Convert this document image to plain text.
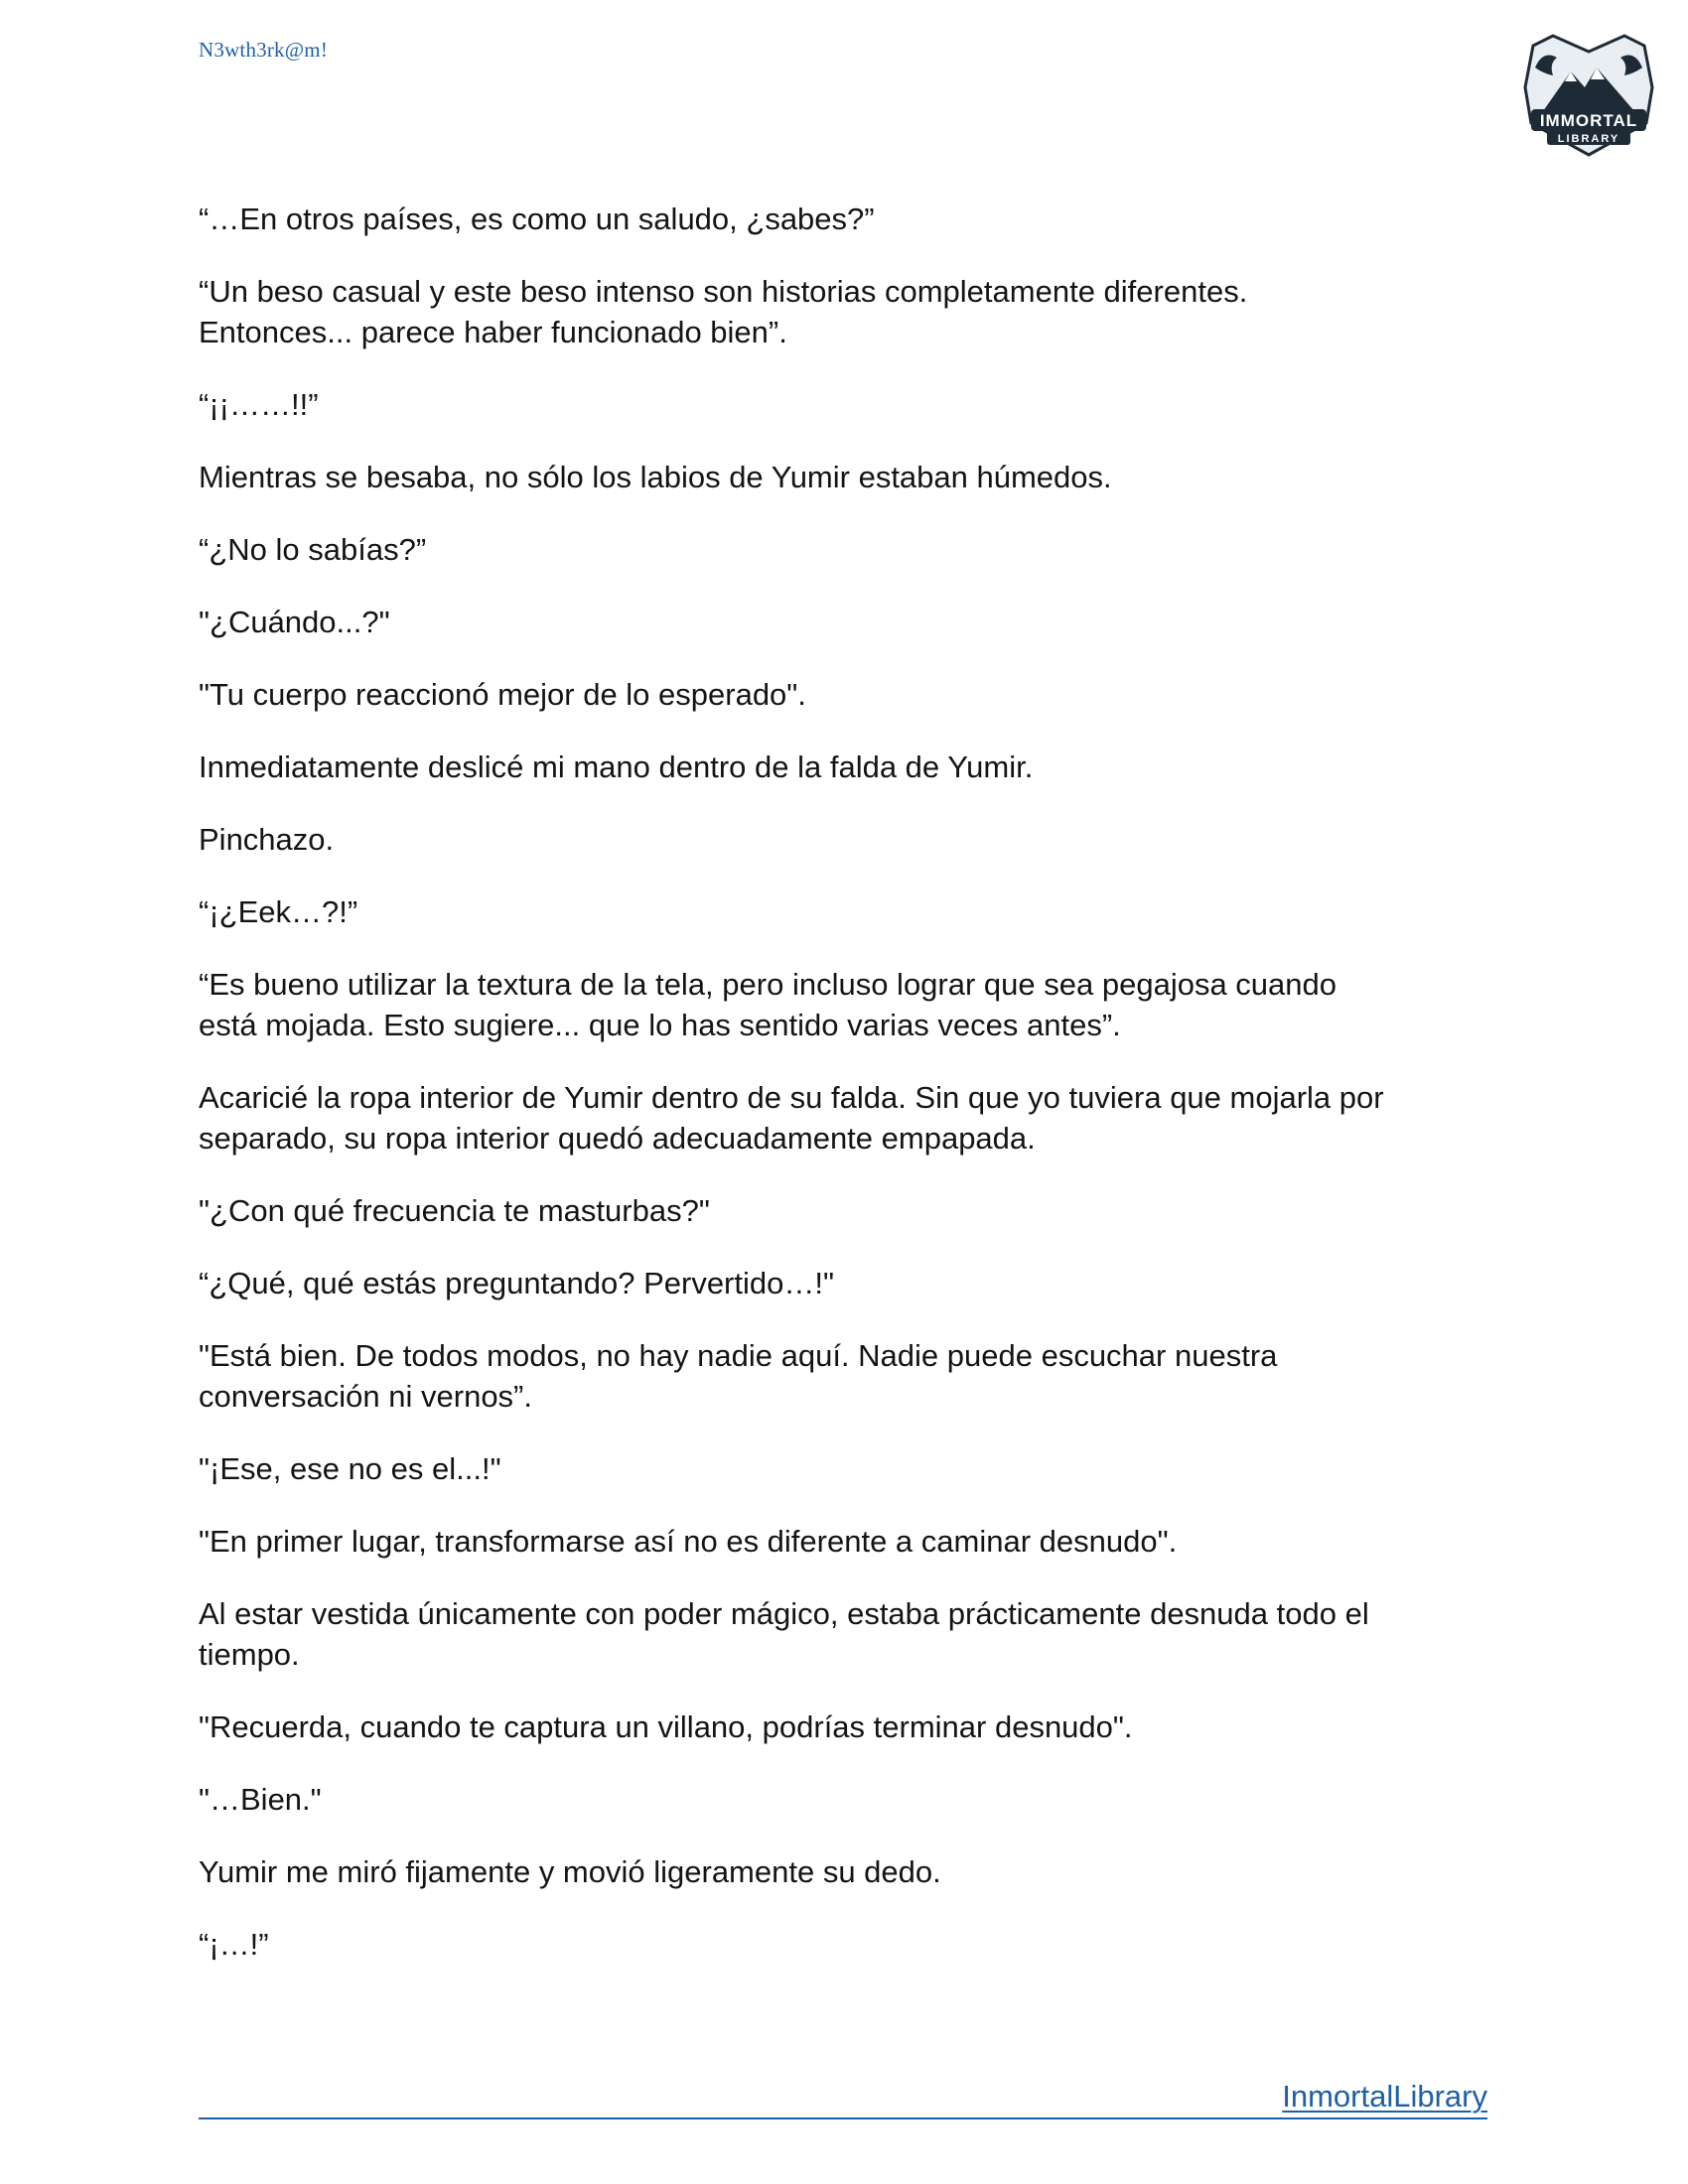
N3wth3rk@m!
IMMORTAL
LIBRARY

“…En otros países, es como un saludo, ¿sabes?”

“Un beso casual y este beso intenso son historias completamente diferentes.
Entonces... parece haber funcionado bien”.

“¡¡……!!”

Mientras se besaba, no sólo los labios de Yumir estaban húmedos.

“¿No lo sabías?”

"¿Cuándo...?"

"Tu cuerpo reaccionó mejor de lo esperado".

Inmediatamente deslicé mi mano dentro de la falda de Yumir.

Pinchazo.

“¡¿Eek…?!”

“Es bueno utilizar la textura de la tela, pero incluso lograr que sea pegajosa cuando
está mojada. Esto sugiere... que lo has sentido varias veces antes”.

Acaricié la ropa interior de Yumir dentro de su falda. Sin que yo tuviera que mojarla por
separado, su ropa interior quedó adecuadamente empapada.

"¿Con qué frecuencia te masturbas?"

“¿Qué, qué estás preguntando? Pervertido…!"

"Está bien. De todos modos, no hay nadie aquí. Nadie puede escuchar nuestra
conversación ni vernos”.

"¡Ese, ese no es el...!"

"En primer lugar, transformarse así no es diferente a caminar desnudo".

Al estar vestida únicamente con poder mágico, estaba prácticamente desnuda todo el
tiempo.

"Recuerda, cuando te captura un villano, podrías terminar desnudo".

"…Bien."

Yumir me miró fijamente y movió ligeramente su dedo.

“¡…!”

InmortalLibrary
